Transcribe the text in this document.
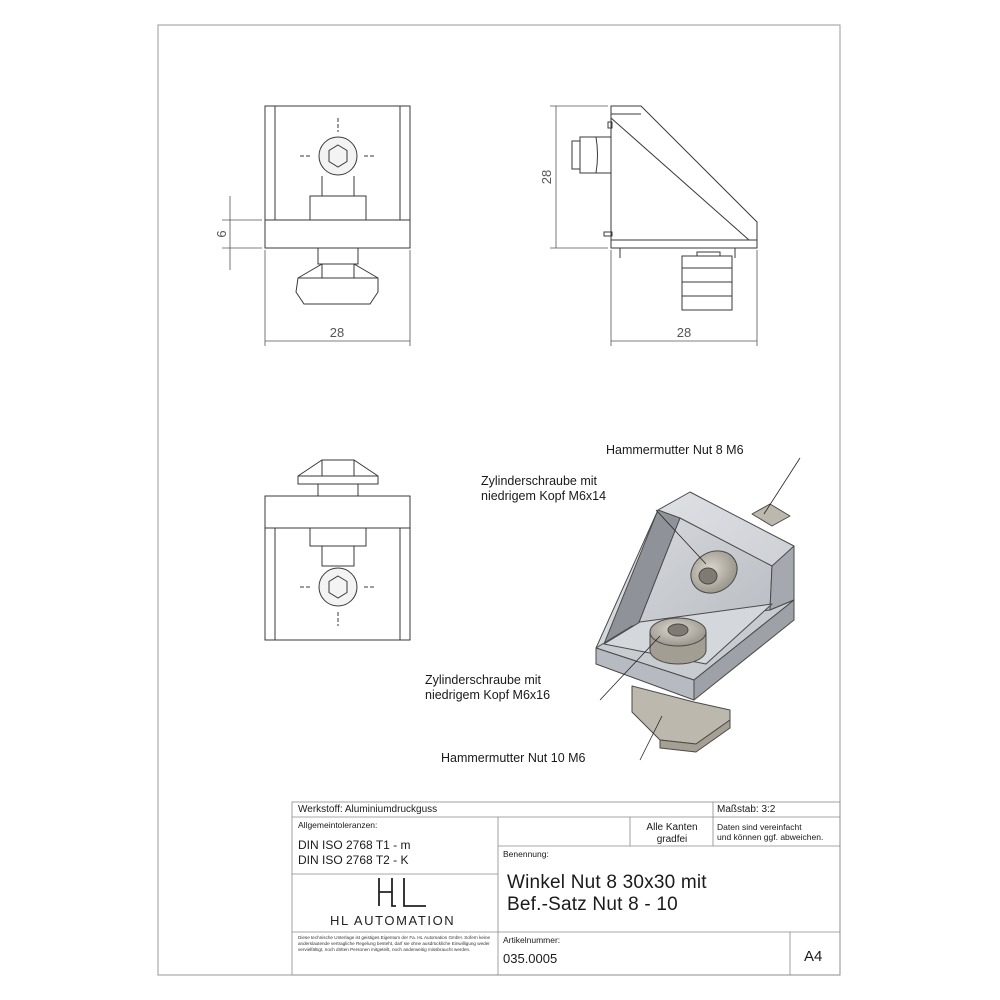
28
6
28
28
Hammermutter Nut 8 M6
Zylinderschraube mit
niedrigem Kopf M6x14
Zylinderschraube mit
niedrigem Kopf M6x16
Hammermutter Nut 10 M6
Werkstoff: Aluminiumdruckguss	Maßstab: 3:2
Allgemeintoleranzen:
DIN ISO 2768 T1 - m
DIN ISO 2768 T2 - K
Alle Kanten
gradfei
Daten sind vereinfacht
und können ggf. abweichen.
Benennung:
Winkel Nut 8 30x30 mit
Bef.-Satz Nut 8 - 10
HL AUTOMATION
Diese technische Unterlage ist geistiges Eigentum der Fa. HL Automation GmbH. Sofern keine anderslautende vertragliche Regelung besteht, darf sie ohne ausdrückliche Einwilligung weder vervielfältigt, noch dritten Personen mitgeteilt, noch anderweitig missbraucht werden.
Artikelnummer:
035.0005	A4
